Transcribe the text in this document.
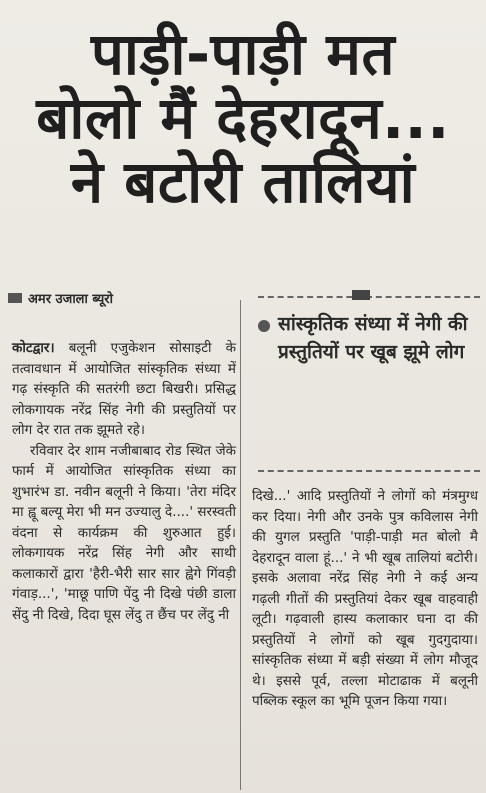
पाड़ी-पाड़ी मत
बोलो मैं देहरादून...
ने बटोरी तालियां
अमर उजाला ब्यूरो

कोटद्वार। बलूनी एजुकेशन सोसाइटी के तत्वावधान में आयोजित सांस्कृतिक संध्या में गढ़ संस्कृति की सतरंगी छटा बिखरी। प्रसिद्ध लोकगायक नरेंद्र सिंह नेगी की प्रस्तुतियों पर लोग देर रात तक झूमते रहे।

रविवार देर शाम नजीबाबाद रोड स्थित जेके फार्म में आयोजित सांस्कृतिक संध्या का शुभारंभ डा. नवीन बलूनी ने किया। 'तेरा मंदिर मा ह्वू बल्यू मेरा भी मन उज्यालु दे....' सरस्वती वंदना से कार्यक्रम की शुरुआत हुई। लोकगायक नरेंद्र सिंह नेगी और साथी कलाकारों द्वारा 'हैरी-भैरी सार सार ह्वेगे गिंवड़ी गंवाड़...', 'माछू पाणि पेंदु नी दिखे पंछी डाला सेंदु नी दिखे, दिदा घूस लेंदु त छैंच पर लेंदु नी

सांस्कृतिक संध्या में नेगी की प्रस्तुतियों पर खूब झूमे लोग

दिखे...' आदि प्रस्तुतियों ने लोगों को मंत्रमुग्ध कर दिया। नेगी और उनके पुत्र कविलास नेगी की युगल प्रस्तुति 'पाड़ी-पाड़ी मत बोलो मै देहरादून वाला हूं...' ने भी खूब तालियां बटोरी। इसके अलावा नरेंद्र सिंह नेगी ने कई अन्य गढ़ली गीतों की प्रस्तुतियां देकर खूब वाहवाही लूटी। गढ़वाली हास्य कलाकार घना दा की प्रस्तुतियों ने लोगों को खूब गुदगुदाया। सांस्कृतिक संध्या में बड़ी संख्या में लोग मौजूद थे। इससे पूर्व, तल्ला मोटाढाक में बलूनी पब्लिक स्कूल का भूमि पूजन किया गया।
